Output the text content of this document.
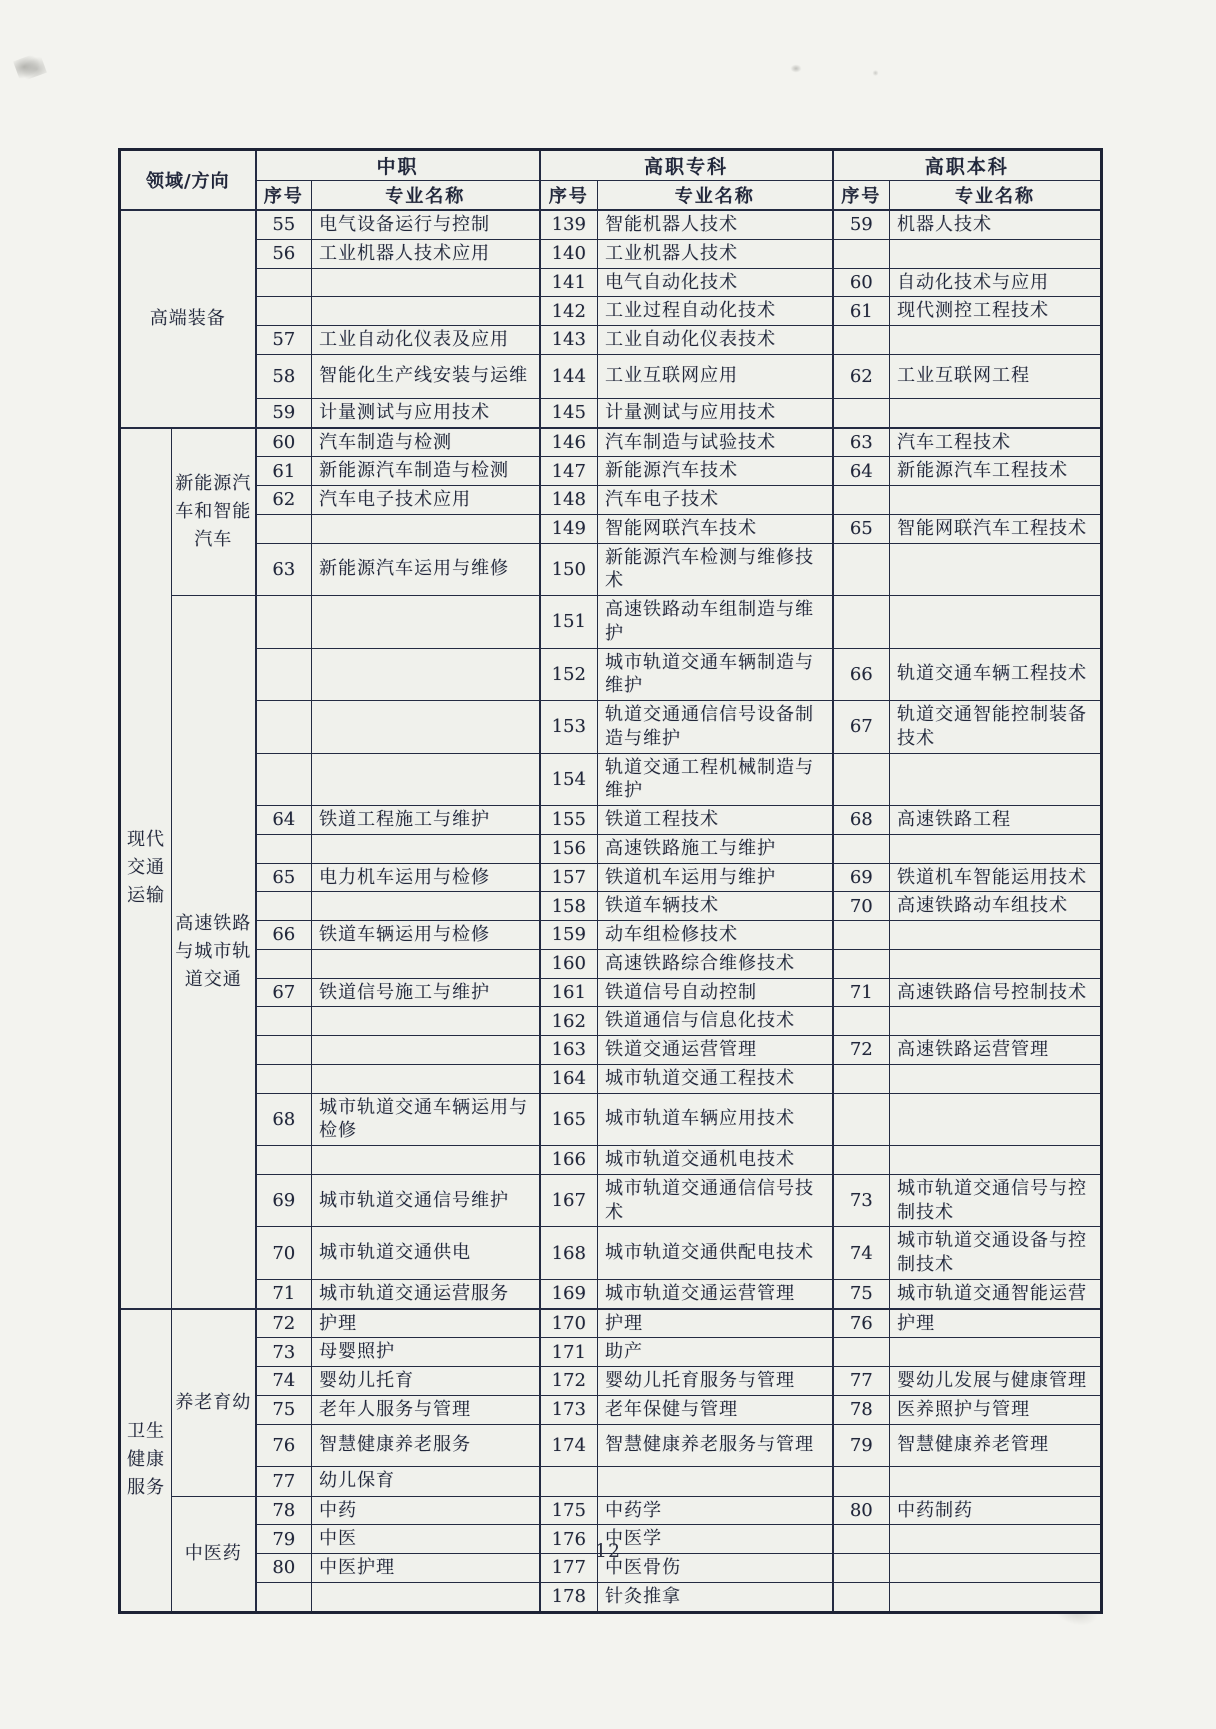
领域/方向		中职		高职专科		高职本科	
		序号	专业名称	序号	专业名称	序号	专业名称
高端装备		55	电气设备运行与控制	139	智能机器人技术	59	机器人技术
		56	工业机器人技术应用	140	工业机器人技术		
				141	电气自动化技术	60	自动化技术与应用
				142	工业过程自动化技术	61	现代测控工程技术
		57	工业自动化仪表及应用	143	工业自动化仪表技术		
		58	智能化生产线安装与运维	144	工业互联网应用	62	工业互联网工程
		59	计量测试与应用技术	145	计量测试与应用技术		
现代交通运输	新能源汽车和智能汽车	60	汽车制造与检测	146	汽车制造与试验技术	63	汽车工程技术
		61	新能源汽车制造与检测	147	新能源汽车技术	64	新能源汽车工程技术
		62	汽车电子技术应用	148	汽车电子技术		
				149	智能网联汽车技术	65	智能网联汽车工程技术
		63	新能源汽车运用与维修	150	新能源汽车检测与维修技术		
	高速铁路与城市轨道交通			151	高速铁路动车组制造与维护		
				152	城市轨道交通车辆制造与维护	66	轨道交通车辆工程技术
				153	轨道交通通信信号设备制造与维护	67	轨道交通智能控制装备技术
				154	轨道交通工程机械制造与维护		
		64	铁道工程施工与维护	155	铁道工程技术	68	高速铁路工程
				156	高速铁路施工与维护		
		65	电力机车运用与检修	157	铁道机车运用与维护	69	铁道机车智能运用技术
				158	铁道车辆技术	70	高速铁路动车组技术
		66	铁道车辆运用与检修	159	动车组检修技术		
				160	高速铁路综合维修技术		
		67	铁道信号施工与维护	161	铁道信号自动控制	71	高速铁路信号控制技术
				162	铁道通信与信息化技术		
				163	铁道交通运营管理	72	高速铁路运营管理
				164	城市轨道交通工程技术		
		68	城市轨道交通车辆运用与检修	165	城市轨道车辆应用技术		
				166	城市轨道交通机电技术		
		69	城市轨道交通信号维护	167	城市轨道交通通信信号技术	73	城市轨道交通信号与控制技术
		70	城市轨道交通供电	168	城市轨道交通供配电技术	74	城市轨道交通设备与控制技术
		71	城市轨道交通运营服务	169	城市轨道交通运营管理	75	城市轨道交通智能运营
卫生健康服务	养老育幼	72	护理	170	护理	76	护理
		73	母婴照护	171	助产		
		74	婴幼儿托育	172	婴幼儿托育服务与管理	77	婴幼儿发展与健康管理
		75	老年人服务与管理	173	老年保健与管理	78	医养照护与管理
		76	智慧健康养老服务	174	智慧健康养老服务与管理	79	智慧健康养老管理
		77	幼儿保育				
	中医药	78	中药	175	中药学	80	中药制药
		79	中医	176	中医学		
		80	中医护理	177	中医骨伤		
				178	针灸推拿		
12
